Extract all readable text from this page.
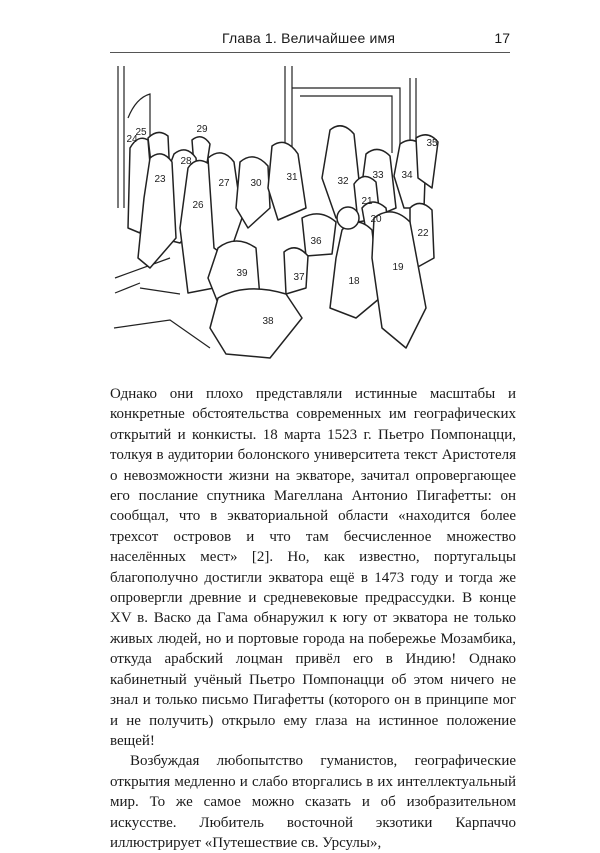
Глава 1. Величайшее имя	17
25
24
29
28
23
26
27 30
31	32
33 34
35
21
20
22
36
39	37	18
19
38

Однако они плохо представляли истинные масштабы и конкретные обстоятельства современных им географических открытий и конкисты. 18 марта 1523 г. Пьетро Помпонацци, толкуя в аудитории болонского университета текст Аристотеля о невозможности жизни на экваторе, зачитал опровергающее его послание спутника Магеллана Антонио Пигафетты: он сообщал, что в экваториальной области «находится более трехсот островов и что там бесчисленное множество населённых мест» [2]. Но, как известно, португальцы благополучно достигли экватора ещё в 1473 году и тогда же опровергли древние и средневековые предрассудки. В конце XV в. Васко да Гама обнаружил к югу от экватора не только живых людей, но и портовые города на побережье Мозамбика, откуда арабский лоцман привёл его в Индию! Однако кабинетный учёный Пьетро Помпонацци об этом ничего не знал и только письмо Пигафетты (которого он в принципе мог и не получить) открыло ему глаза на истинное положение вещей!

Возбуждая любопытство гуманистов, географические открытия медленно и слабо вторгались в их интеллектуальный мир. То же самое можно сказать и об изобразительном искусстве. Любитель восточной экзотики Карпаччо иллюстрирует «Путешествие св. Урсулы»,
